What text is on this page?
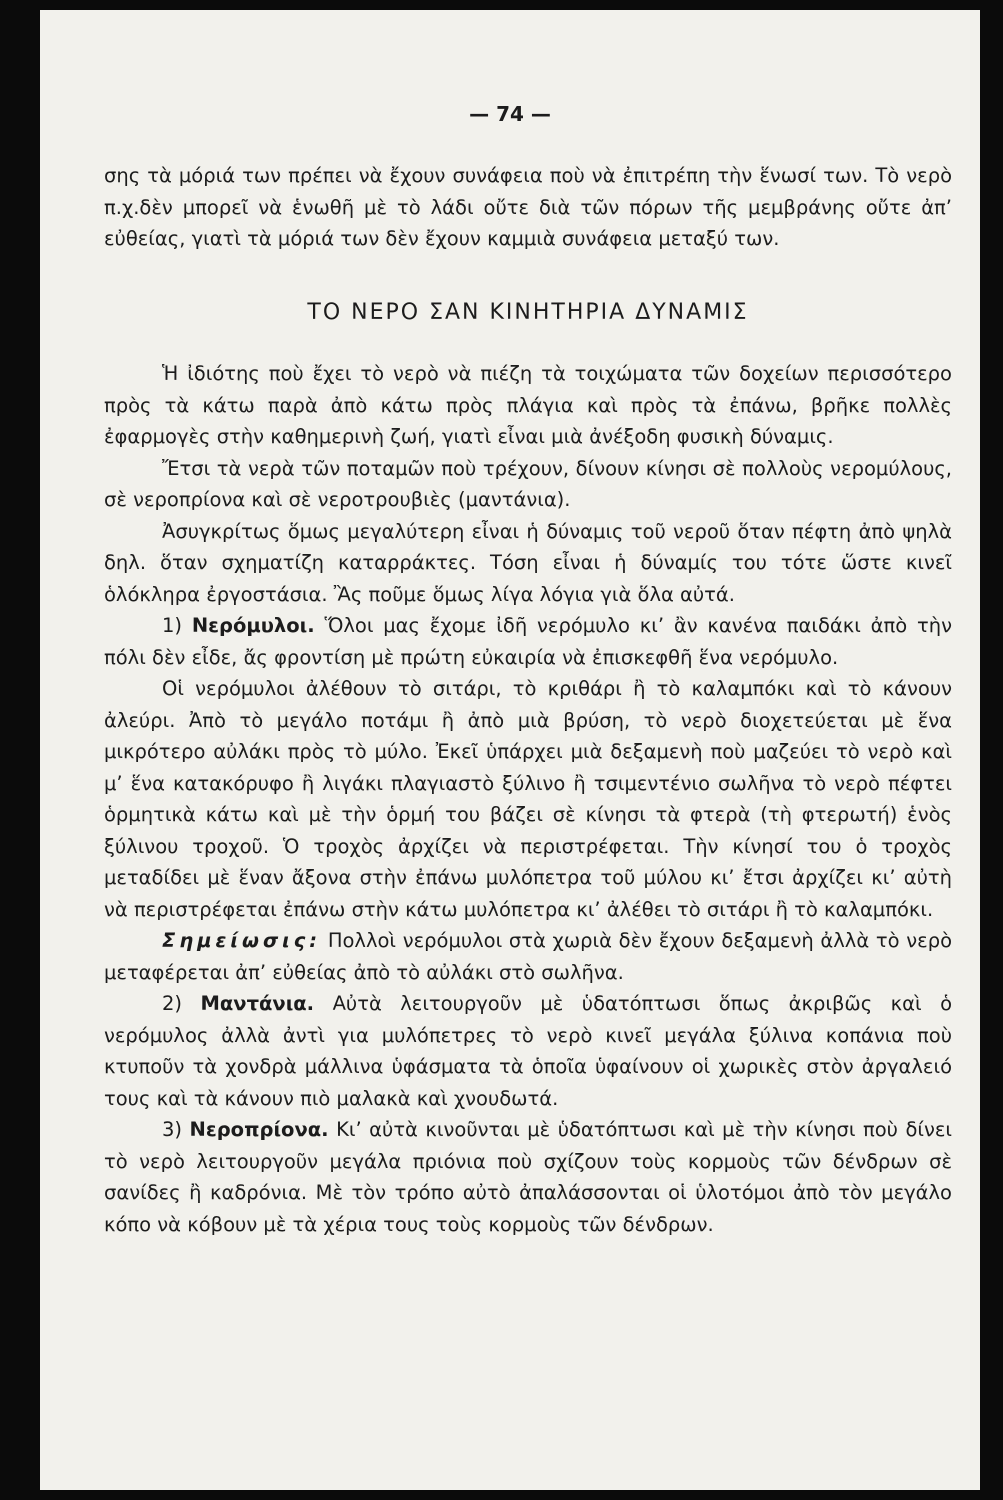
— 74 —

σης τὰ μόριά των πρέπει νὰ ἔχουν συνάφεια ποὺ νὰ ἐπιτρέπη τὴν ἕνωσί των. Τὸ νερὸ π.χ.δὲν μπορεῖ νὰ ἑνωθῆ μὲ τὸ λάδι οὔτε διὰ τῶν πόρων τῆς μεμβράνης οὔτε ἀπ’ εὐθείας, γιατὶ τὰ μόριά των δὲν ἔχουν καμμιὰ συνάφεια μεταξύ των.

ΤΟ ΝΕΡΟ ΣΑΝ ΚΙΝΗΤΗΡΙΑ ΔΥΝΑΜΙΣ

Ἡ ἰδιότης ποὺ ἔχει τὸ νερὸ νὰ πιέζη τὰ τοιχώματα τῶν δοχείων περισσότερο πρὸς τὰ κάτω παρὰ ἀπὸ κάτω πρὸς πλάγια καὶ πρὸς τὰ ἐπάνω, βρῆκε πολλὲς ἐφαρμογὲς στὴν καθημερινὴ ζωή, γιατὶ εἶναι μιὰ ἀνέξοδη φυσικὴ δύναμις.

Ἔτσι τὰ νερὰ τῶν ποταμῶν ποὺ τρέχουν, δίνουν κίνησι σὲ πολλοὺς νερομύλους, σὲ νεροπρίονα καὶ σὲ νεροτρουβιὲς (μαντάνια).

Ἀσυγκρίτως ὅμως μεγαλύτερη εἶναι ἡ δύναμις τοῦ νεροῦ ὅταν πέφτη ἀπὸ ψηλὰ δηλ. ὅταν σχηματίζη καταρράκτες. Τόση εἶναι ἡ δύναμίς του τότε ὥστε κινεῖ ὁλόκληρα ἐργοστάσια. Ἂς ποῦμε ὅμως λίγα λόγια γιὰ ὅλα αὐτά.

1) Νερόμυλοι. Ὅλοι μας ἔχομε ἰδῆ νερόμυλο κι’ ἂν κανένα παιδάκι ἀπὸ τὴν πόλι δὲν εἶδε, ἄς φροντίση μὲ πρώτη εὐκαιρία νὰ ἐπισκεφθῆ ἕνα νερόμυλο.

Οἱ νερόμυλοι ἀλέθουν τὸ σιτάρι, τὸ κριθάρι ἢ τὸ καλαμπόκι καὶ τὸ κάνουν ἀλεύρι. Ἀπὸ τὸ μεγάλο ποτάμι ἢ ἀπὸ μιὰ βρύση, τὸ νερὸ διοχετεύεται μὲ ἕνα μικρότερο αὐλάκι πρὸς τὸ μύλο. Ἐκεῖ ὑπάρχει μιὰ δεξαμενὴ ποὺ μαζεύει τὸ νερὸ καὶ μ’ ἕνα κατακόρυφο ἢ λιγάκι πλαγιαστὸ ξύλινο ἢ τσιμεντένιο σωλῆνα τὸ νερὸ πέφτει ὁρμητικὰ κάτω καὶ μὲ τὴν ὁρμή του βάζει σὲ κίνησι τὰ φτερὰ (τὴ φτερωτή) ἑνὸς ξύλινου τροχοῦ. Ὁ τροχὸς ἀρχίζει νὰ περιστρέφεται. Τὴν κίνησί του ὁ τροχὸς μεταδίδει μὲ ἕναν ἄξονα στὴν ἐπάνω μυλόπετρα τοῦ μύλου κι’ ἔτσι ἀρχίζει κι’ αὐτὴ νὰ περιστρέφεται ἐπάνω στὴν κάτω μυλόπετρα κι’ ἀλέθει τὸ σιτάρι ἢ τὸ καλαμπόκι.

Σημείωσις: Πολλοὶ νερόμυλοι στὰ χωριὰ δὲν ἔχουν δεξαμενὴ ἀλλὰ τὸ νερὸ μεταφέρεται ἀπ’ εὐθείας ἀπὸ τὸ αὐλάκι στὸ σωλῆνα.

2) Μαντάνια. Αὐτὰ λειτουργοῦν μὲ ὑδατόπτωσι ὅπως ἀκριβῶς καὶ ὁ νερόμυλος ἀλλὰ ἀντὶ για μυλόπετρες τὸ νερὸ κινεῖ μεγάλα ξύλινα κοπάνια ποὺ κτυποῦν τὰ χονδρὰ μάλλινα ὑφάσματα τὰ ὁποῖα ὑφαίνουν οἱ χωρικὲς στὸν ἀργαλειό τους καὶ τὰ κάνουν πιὸ μαλακὰ καὶ χνουδωτά.

3) Νεροπρίονα. Κι’ αὐτὰ κινοῦνται μὲ ὑδατόπτωσι καὶ μὲ τὴν κίνησι ποὺ δίνει τὸ νερὸ λειτουργοῦν μεγάλα πριόνια ποὺ σχίζουν τοὺς κορμοὺς τῶν δένδρων σὲ σανίδες ἢ καδρόνια. Μὲ τὸν τρόπο αὐτὸ ἀπαλάσσονται οἱ ὑλοτόμοι ἀπὸ τὸν μεγάλο κόπο νὰ κόβουν μὲ τὰ χέρια τους τοὺς κορμοὺς τῶν δένδρων.
